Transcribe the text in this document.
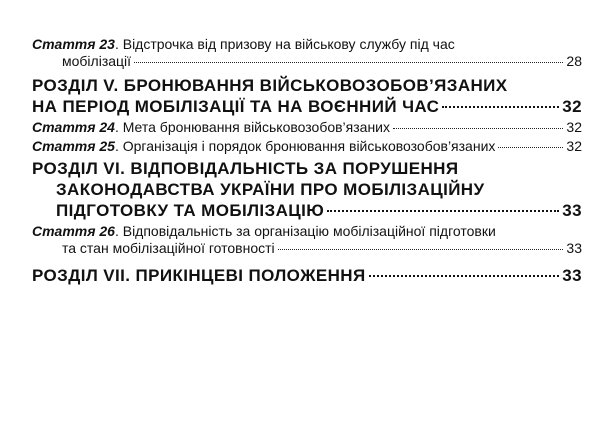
Стаття 23 . Відстрочка від призову на військову службу під час
мобілізації	28
РОЗДІЛ V. БРОНЮВАННЯ ВІЙСЬКОВОЗОБОВ’ЯЗАНИХ
НА ПЕРІОД МОБІЛІЗАЦІЇ ТА НА ВОЄННИЙ ЧАС	32
Стаття 24 . Мета бронювання військовозобов’язаних	32
Стаття 25 . Організація і порядок бронювання військовозобов’язаних	32
РОЗДІЛ VI. ВІДПОВІДАЛЬНІСТЬ ЗА ПОРУШЕННЯ
ЗАКОНОДАВСТВА УКРАЇНИ ПРО МОБІЛІЗАЦІЙНУ
ПІДГОТОВКУ ТА МОБІЛІЗАЦІЮ	33
Стаття 26 . Відповідальність за організацію мобілізаційної підготовки
та стан мобілізаційної готовності	33
РОЗДІЛ VII. ПРИКІНЦЕВІ ПОЛОЖЕННЯ	33
